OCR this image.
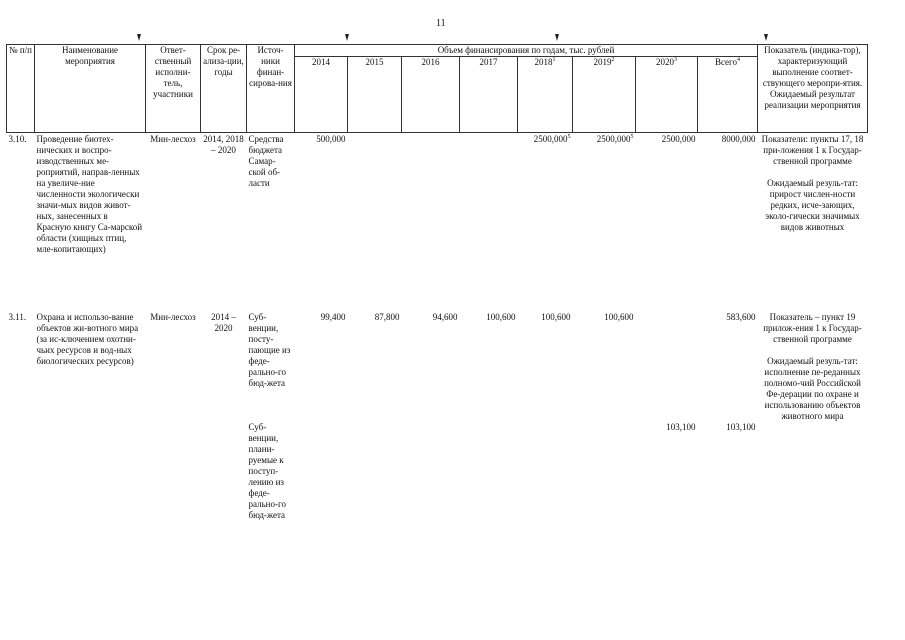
11
№ п/п	Наименование мероприятия	Ответ-ственный исполни-тель, участники	Срок ре-ализа-ции, годы	Источ-ники финан-сирова-ния	Объем финансирования по годам, тыс. рублей								Показатель (индика-тор), характеризующий выполнение соответ-ствующего меропри-ятия. Ожидаемый результат реализации мероприятия
					2014	2015	2016	2017	2018$^1$	2019$^2$	2020$^3$	Всего$^4$
3.10.	Проведение биотех-нических и воспро-изводственных ме-роприятий, направ-ленных на увеличе-ние численности экологически значи-мых видов живот-ных, занесенных в Красную книгу Са-марской области (хищных птиц, мле-копитающих)	Мин-лесхоз	2014, 2018 – 2020	Средства бюджета Самар-ской об-ласти	500,000				2500,000$^5$	2500,000$^5$	2500,000	8000,000	Показатели: пункты 17, 18 при-ложения 1 к Государ-ственной программе
Ожидаемый резуль-тат: прирост числен-ности редких, исче-зающих, эколо-гически значимых видов животных

3.11.	Охрана и использо-вание объектов жи-вотного мира (за ис-ключением охотни-чьих ресурсов и вод-ных биологических ресурсов)	Мин-лесхоз	2014 – 2020	Суб-венции, посту-пающие из феде-рально-го бюд-жета	99,400	87,800	94,600	100,600	100,600	100,600		583,600	Показатель – пункт 19 прилож-ения 1 к Государ-ственной программе
Ожидаемый резуль-тат: исполнение пе-реданных полномо-чий Российской Фе-дерации по охране и использованию объектов животного мира

				Суб-венции, плани-руемые к поступ-лению из феде-рально-го бюд-жета							103,100	103,100	
